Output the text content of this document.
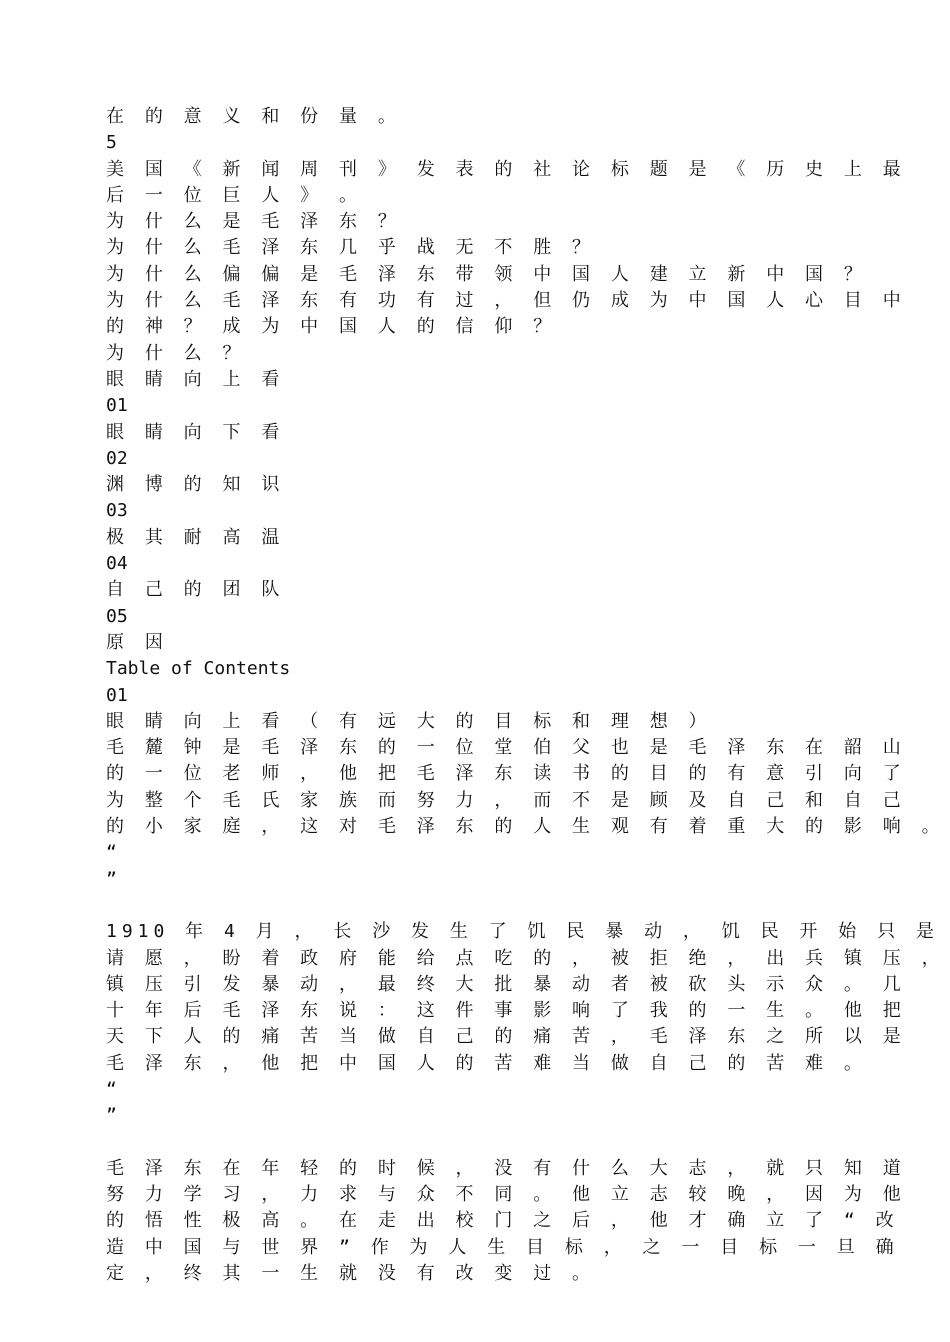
在 的 意 义 和 份 量 。
5
美 国 《 新 闻 周 刊 》 发 表 的 社 论 标 题 是 《 历 史 上 最
后 一 位 巨 人 》 。
为 什 么 是 毛 泽 东 ？
为 什 么 毛 泽 东 几 乎 战 无 不 胜 ？
为 什 么 偏 偏 是 毛 泽 东 带 领 中 国 人 建 立 新 中 国 ？
为 什 么 毛 泽 东 有 功 有 过 ， 但 仍 成 为 中 国 人 心 目 中
的 神 ？ 成 为 中 国 人 的 信 仰 ？
为 什 么 ？
眼 睛 向 上 看
01
眼 睛 向 下 看
02
渊 博 的 知 识
03
极 其 耐 高 温
04
自 己 的 团 队
05
原 因
Table of Contents
01
眼 睛 向 上 看 （ 有 远 大 的 目 标 和 理 想 ）
毛 麓 钟 是 毛 泽 东 的 一 位 堂 伯 父 也 是 毛 泽 东 在 韶 山
的 一 位 老 师 ， 他 把 毛 泽 东 读 书 的 目 的 有 意 引 向 了
为 整 个 毛 氏 家 族 而 努 力 ， 而 不 是 顾 及 自 己 和 自 己
的 小 家 庭 ， 这 对 毛 泽 东 的 人 生 观 有 着 重 大 的 影 响 。
“
”
1910 年 4 月 ， 长 沙 发 生 了 饥 民 暴 动 ， 饥 民 开 始 只 是
请 愿 ， 盼 着 政 府 能 给 点 吃 的 ， 被 拒 绝 ， 出 兵 镇 压 ，
镇 压 引 发 暴 动 ， 最 终 大 批 暴 动 者 被 砍 头 示 众 。 几
十 年 后 毛 泽 东 说 ： 这 件 事 影 响 了 我 的 一 生 。 他 把
天 下 人 的 痛 苦 当 做 自 己 的 痛 苦 ， 毛 泽 东 之 所 以 是
毛 泽 东 ， 他 把 中 国 人 的 苦 难 当 做 自 己 的 苦 难 。
“
”
毛 泽 东 在 年 轻 的 时 候 ， 没 有 什 么 大 志 ， 就 只 知 道
努 力 学 习 ， 力 求 与 众 不 同 。 他 立 志 较 晚 ， 因 为 他
的 悟 性 极 高 。 在 走 出 校 门 之 后 ， 他 才 确 立 了 “ 改
造 中 国 与 世 界 ” 作 为 人 生 目 标 ， 之 一 目 标 一 旦 确
定 ， 终 其 一 生 就 没 有 改 变 过 。
